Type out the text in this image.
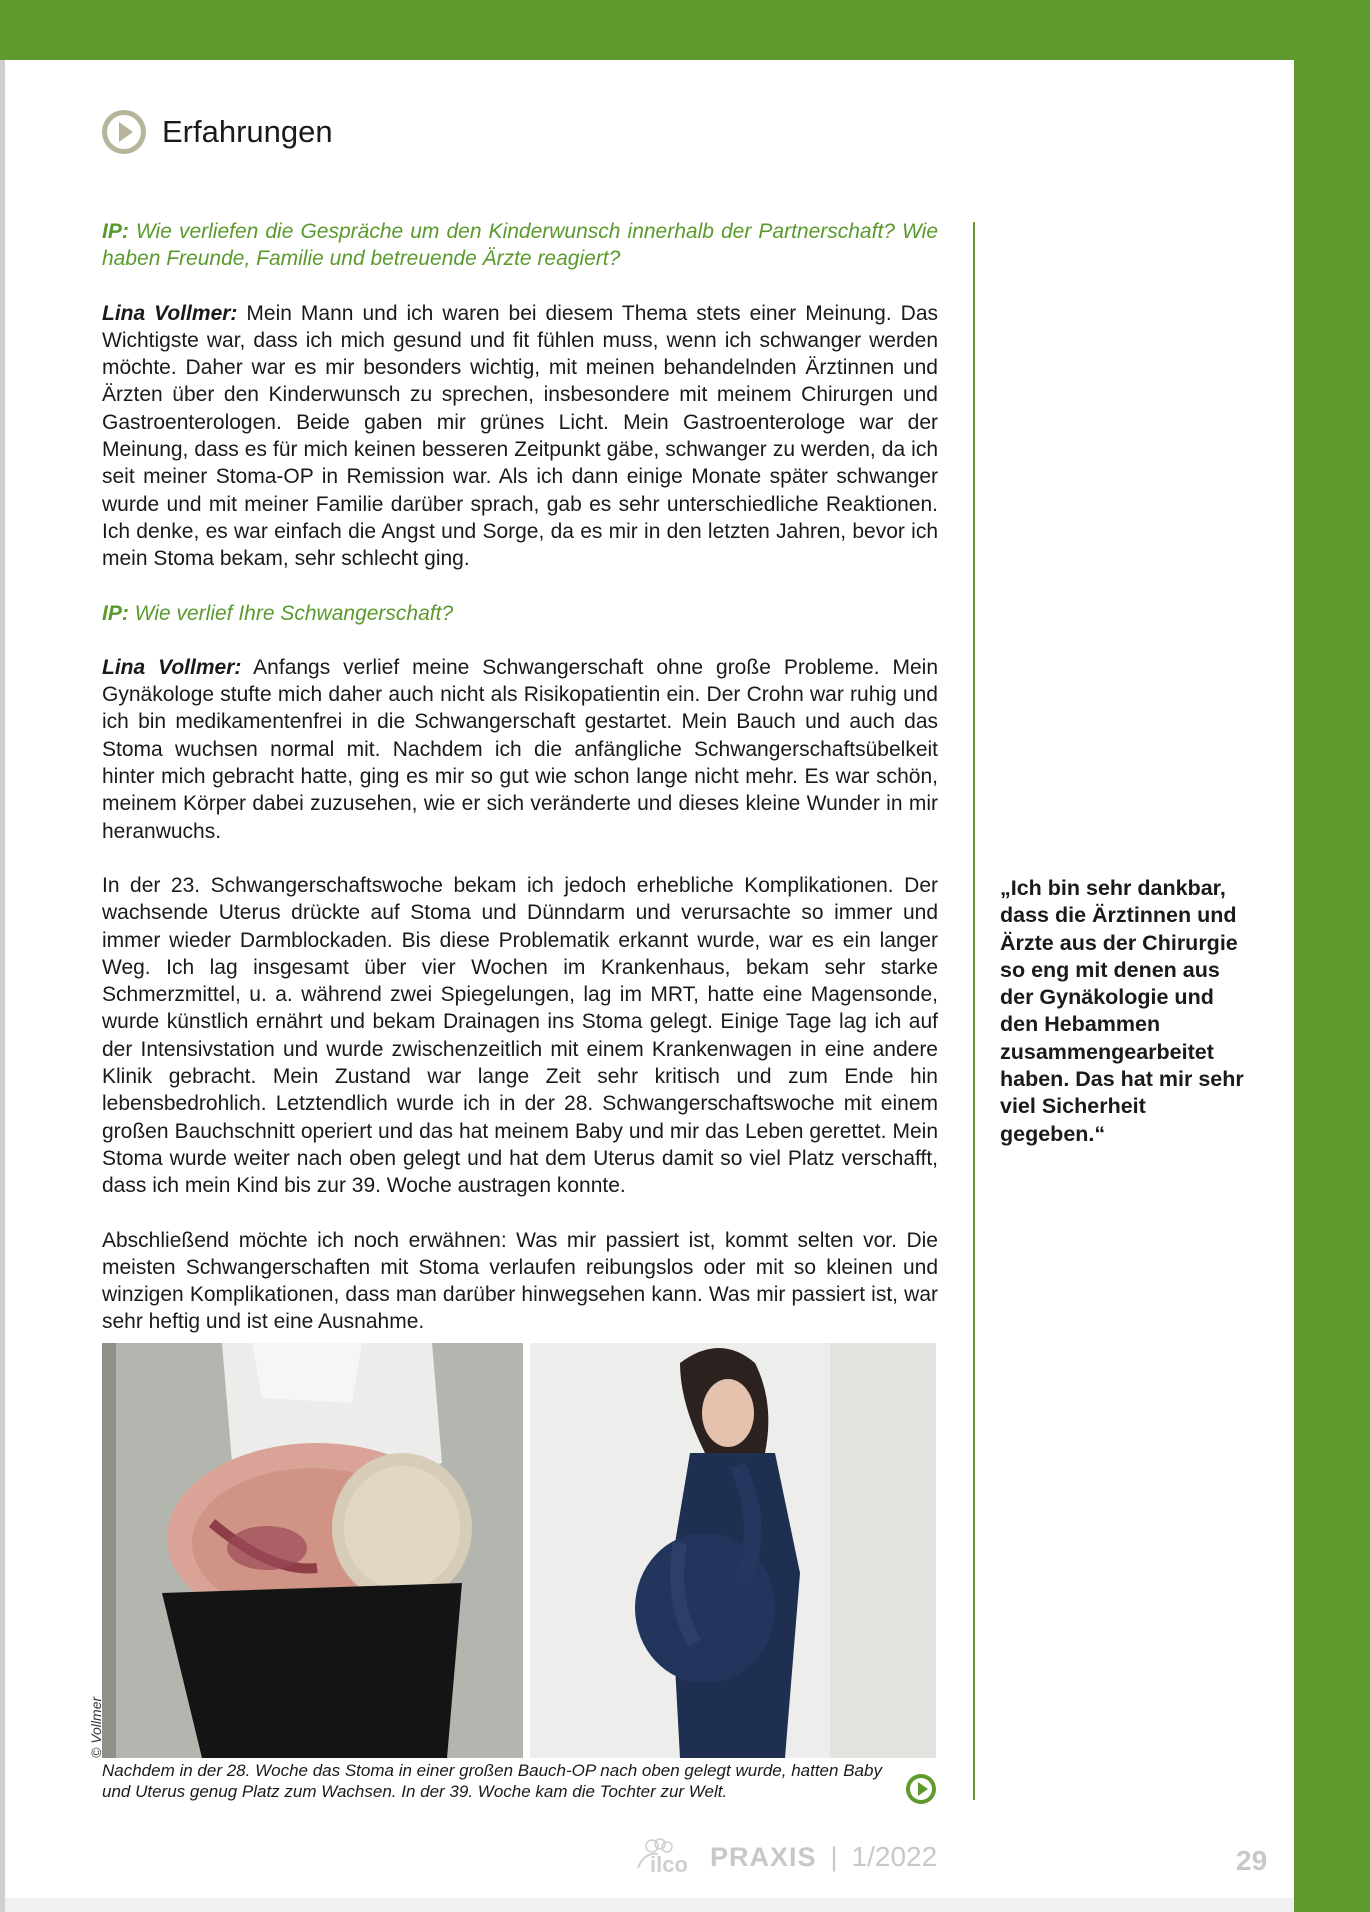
Erfahrungen

IP: Wie verliefen die Gespräche um den Kinderwunsch innerhalb der Partnerschaft? Wie haben Freunde, Familie und betreuende Ärzte reagiert?

Lina Vollmer: Mein Mann und ich waren bei diesem Thema stets einer Meinung. Das Wichtigste war, dass ich mich gesund und fit fühlen muss, wenn ich schwanger werden möchte. Daher war es mir besonders wichtig, mit meinen behandelnden Ärztinnen und Ärzten über den Kinderwunsch zu sprechen, insbesondere mit meinem Chirurgen und Gastroenterologen. Beide gaben mir grünes Licht. Mein Gastroenterologe war der Meinung, dass es für mich keinen besseren Zeitpunkt gäbe, schwanger zu werden, da ich seit meiner Stoma-OP in Remission war. Als ich dann einige Monate später schwanger wurde und mit meiner Familie darüber sprach, gab es sehr unterschiedliche Reaktionen. Ich denke, es war einfach die Angst und Sorge, da es mir in den letzten Jahren, bevor ich mein Stoma bekam, sehr schlecht ging.

IP: Wie verlief Ihre Schwangerschaft?

Lina Vollmer: Anfangs verlief meine Schwangerschaft ohne große Probleme. Mein Gynäkologe stufte mich daher auch nicht als Risikopatientin ein. Der Crohn war ruhig und ich bin medikamentenfrei in die Schwangerschaft gestartet. Mein Bauch und auch das Stoma wuchsen normal mit. Nachdem ich die anfängliche Schwangerschaftsübelkeit hinter mich gebracht hatte, ging es mir so gut wie schon lange nicht mehr. Es war schön, meinem Körper dabei zuzusehen, wie er sich veränderte und dieses kleine Wunder in mir heranwuchs.

In der 23. Schwangerschaftswoche bekam ich jedoch erhebliche Komplikationen. Der wachsende Uterus drückte auf Stoma und Dünndarm und verursachte so immer und immer wieder Darmblockaden. Bis diese Problematik erkannt wurde, war es ein langer Weg. Ich lag insgesamt über vier Wochen im Krankenhaus, bekam sehr starke Schmerzmittel, u. a. während zwei Spiegelungen, lag im MRT, hatte eine Magensonde, wurde künstlich ernährt und bekam Drainagen ins Stoma gelegt. Einige Tage lag ich auf der Intensivstation und wurde zwischenzeitlich mit einem Krankenwagen in eine andere Klinik gebracht. Mein Zustand war lange Zeit sehr kritisch und zum Ende hin lebensbedrohlich. Letztendlich wurde ich in der 28. Schwangerschaftswoche mit einem großen Bauchschnitt operiert und das hat meinem Baby und mir das Leben gerettet. Mein Stoma wurde weiter nach oben gelegt und hat dem Uterus damit so viel Platz verschafft, dass ich mein Kind bis zur 39. Woche austragen konnte.

Abschließend möchte ich noch erwähnen: Was mir passiert ist, kommt selten vor. Die meisten Schwangerschaften mit Stoma verlaufen reibungslos oder mit so kleinen und winzigen Komplikationen, dass man darüber hinwegsehen kann. Was mir passiert ist, war sehr heftig und ist eine Ausnahme.

„Ich bin sehr dankbar, dass die Ärztinnen und Ärzte aus der Chirurgie so eng mit denen aus der Gynäkologie und den Hebammen zusammengearbeitet haben. Das hat mir sehr viel Sicherheit gegeben.“
© Vollmer
Nachdem in der 28. Woche das Stoma in einer großen Bauch-OP nach oben gelegt wurde, hatten Baby und Uterus genug Platz zum Wachsen. In der 39. Woche kam die Tochter zur Welt.
ilco PRAXIS | 1/2022	29
